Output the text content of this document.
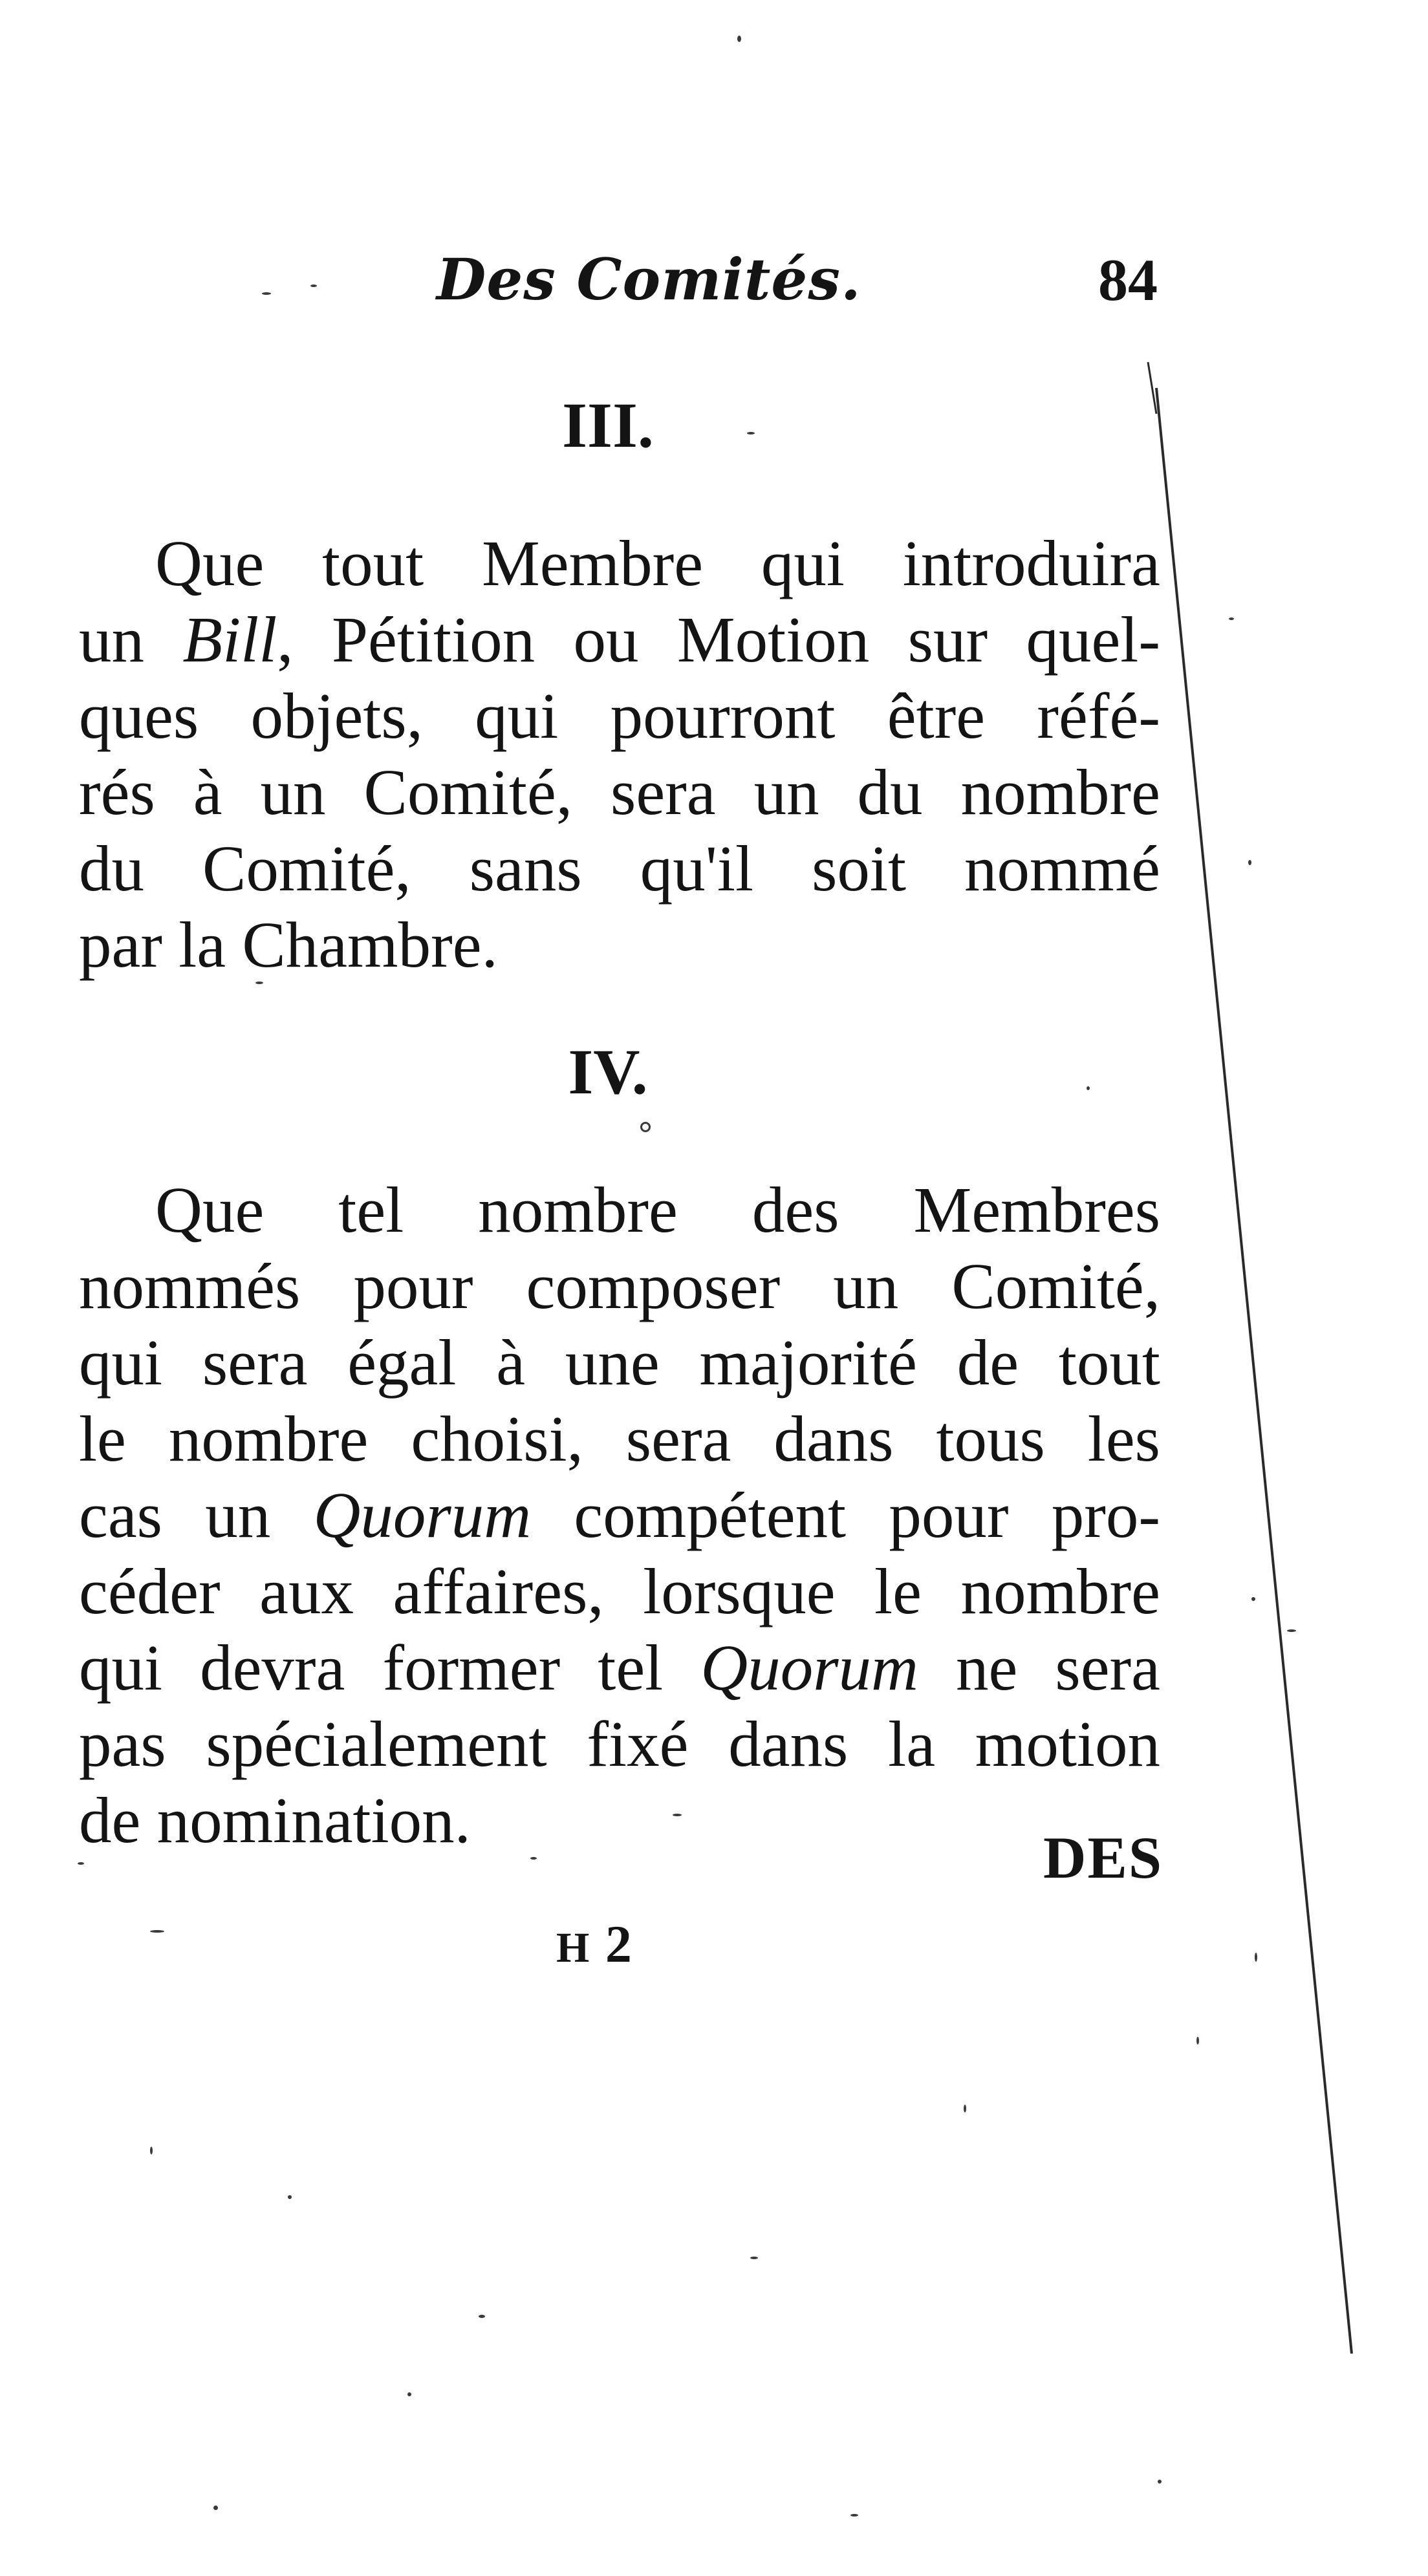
Des Comités.	84
III.
Que tout Membre qui introduira
un Bill, Pétition ou Motion sur quel-
ques objets, qui pourront être réfé-
rés à un Comité, sera un du nombre
du Comité, sans qu'il soit nommé
par la Chambre.
IV.
Que tel nombre des Membres
nommés pour composer un Comité,
qui sera égal à une majorité de tout
le nombre choisi, sera dans tous les
cas un Quorum compétent pour pro-
céder aux affaires, lorsque le nombre
qui devra former tel Quorum ne sera
pas spécialement fixé dans la motion
de nomination.
DES
H 2
